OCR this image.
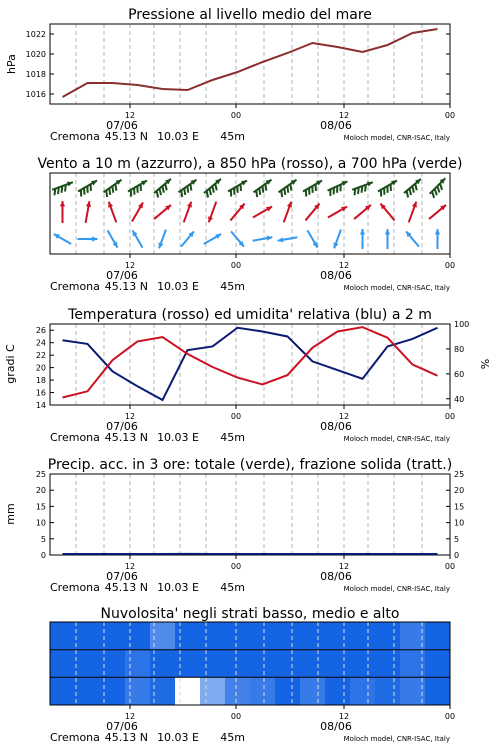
Pressione al livello medio del mare
hPa
1016
1018
1020
1022
Vento a 10 m (azzurro), a 850 hPa (rosso), a 700 hPa (verde)
Temperatura (rosso) ed umidita' relativa (blu) a 2 m
gradi C	%
16
18
20
22
24
26
14
40
60
80
100
Precip. acc. in 3 ore: totale (verde), frazione solida (tratt.)
mm
0	0
5	5
10	10
15	15
20	20
25	25
Nuvolosita' negli strati basso, medio e alto
12	00	12	00
07/06	08/06
Cremona 45.13 N 10.03 E 45m	Moloch model, CNR-ISAC, Italy
12	00	12	00
07/06	08/06
Cremona 45.13 N 10.03 E 45m	Moloch model, CNR-ISAC, Italy
12	00	12	00
07/06	08/06
Cremona 45.13 N 10.03 E 45m	Moloch model, CNR-ISAC, Italy
12	00	12	00
07/06	08/06
Cremona 45.13 N 10.03 E 45m	Moloch model, CNR-ISAC, Italy
12	00	12	00
07/06	08/06
Cremona 45.13 N 10.03 E 45m	Moloch model, CNR-ISAC, Italy
